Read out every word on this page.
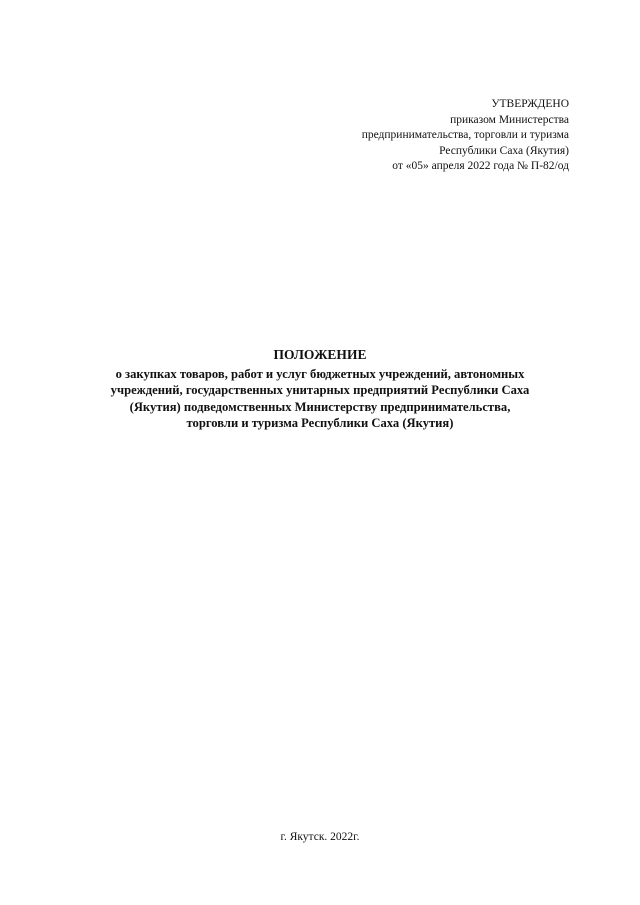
УТВЕРЖДЕНО
приказом Министерства
предпринимательства, торговли и туризма
Республики Саха (Якутия)
от «05» апреля 2022 года № П-82/од
ПОЛОЖЕНИЕ
о закупках товаров, работ и услуг бюджетных учреждений, автономных
учреждений, государственных унитарных предприятий Республики Саха
(Якутия) подведомственных Министерству предпринимательства,
торговли и туризма Республики Саха (Якутия)
г. Якутск. 2022г.
